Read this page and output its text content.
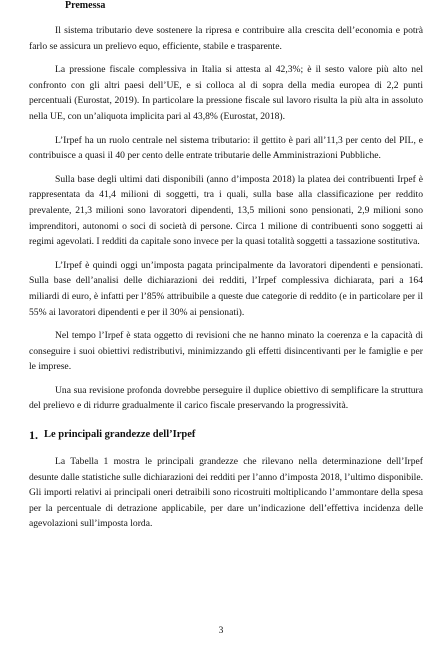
Premessa

Il sistema tributario deve sostenere la ripresa e contribuire alla crescita dell’economia e potrà farlo se assicura un prelievo equo, efficiente, stabile e trasparente.

La pressione fiscale complessiva in Italia si attesta al 42,3%; è il sesto valore più alto nel confronto con gli altri paesi dell’UE, e si colloca al di sopra della media europea di 2,2 punti percentuali (Eurostat, 2019). In particolare la pressione fiscale sul lavoro risulta la più alta in assoluto nella UE, con un’aliquota implicita pari al 43,8% (Eurostat, 2018).

L’Irpef ha un ruolo centrale nel sistema tributario: il gettito è pari all’11,3 per cento del PIL, e contribuisce a quasi il 40 per cento delle entrate tributarie delle Amministrazioni Pubbliche.

Sulla base degli ultimi dati disponibili (anno d’imposta 2018) la platea dei contribuenti Irpef è rappresentata da 41,4 milioni di soggetti, tra i quali, sulla base alla classificazione per reddito prevalente, 21,3 milioni sono lavoratori dipendenti, 13,5 milioni sono pensionati, 2,9 milioni sono imprenditori, autonomi o soci di società di persone. Circa 1 milione di contribuenti sono soggetti ai regimi agevolati. I redditi da capitale sono invece per la quasi totalità soggetti a tassazione sostitutiva.

L’Irpef è quindi oggi un’imposta pagata principalmente da lavoratori dipendenti e pensionati. Sulla base dell’analisi delle dichiarazioni dei redditi, l’Irpef complessiva dichiarata, pari a 164 miliardi di euro, è infatti per l’85% attribuibile a queste due categorie di reddito (e in particolare per il 55% ai lavoratori dipendenti e per il 30% ai pensionati).

Nel tempo l’Irpef è stata oggetto di revisioni che ne hanno minato la coerenza e la capacità di conseguire i suoi obiettivi redistributivi, minimizzando gli effetti disincentivanti per le famiglie e per le imprese.

Una sua revisione profonda dovrebbe perseguire il duplice obiettivo di semplificare la struttura del prelievo e di ridurre gradualmente il carico fiscale preservando la progressività.

1. Le principali grandezze dell’Irpef

La Tabella 1 mostra le principali grandezze che rilevano nella determinazione dell’Irpef desunte dalle statistiche sulle dichiarazioni dei redditi per l’anno d’imposta 2018, l’ultimo disponibile. Gli importi relativi ai principali oneri detraibili sono ricostruiti moltiplicando l’ammontare della spesa per la percentuale di detrazione applicabile, per dare un’indicazione dell’effettiva incidenza delle agevolazioni sull’imposta lorda.

3
